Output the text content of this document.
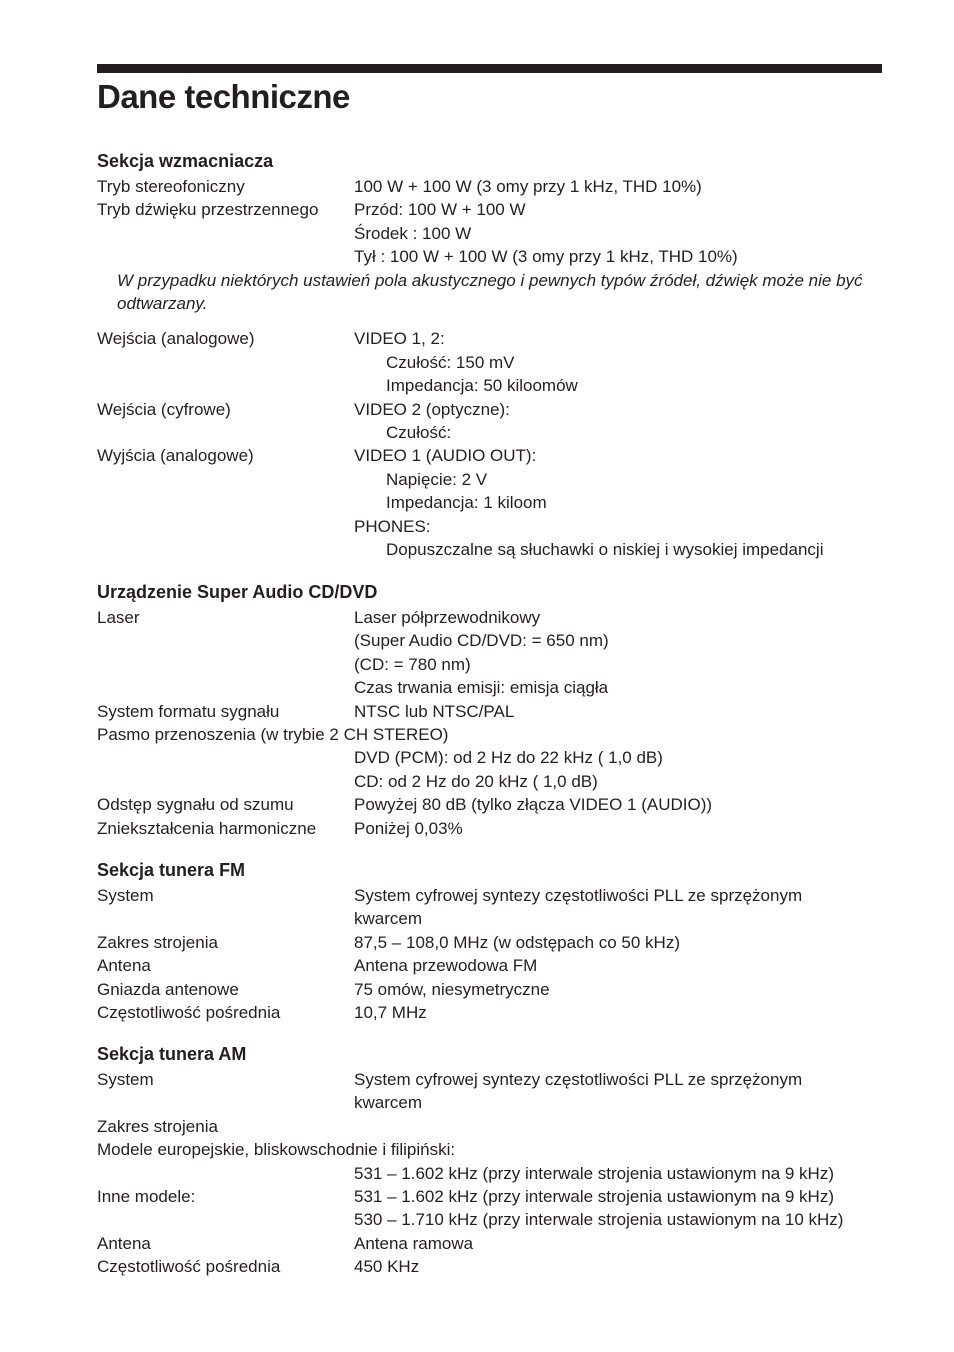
Dane techniczne
Sekcja wzmacniacza
Tryb stereofoniczny	100 W + 100 W (3 omy przy 1 kHz, THD 10%)
Tryb dźwięku przestrzennego	Przód: 100 W + 100 W
Środek : 100 W
Tył : 100 W + 100 W (3 omy przy 1 kHz, THD 10%)
W przypadku niektórych ustawień pola akustycznego i pewnych typów źródeł, dźwięk może nie być odtwarzany.
Wejścia (analogowe)	VIDEO 1, 2:
Czułość: 150 mV
Impedancja: 50 kiloomów
Wejścia (cyfrowe)	VIDEO 2 (optyczne):
Czułość:
Wyjścia (analogowe)	VIDEO 1 (AUDIO OUT):
Napięcie: 2 V
Impedancja: 1 kiloom
PHONES:
Dopuszczalne są słuchawki o niskiej i wysokiej impedancji
Urządzenie Super Audio CD/DVD
Laser	Laser półprzewodnikowy
(Super Audio CD/DVD: = 650 nm)
(CD: = 780 nm)
Czas trwania emisji: emisja ciągła
System formatu sygnału	NTSC lub NTSC/PAL
Pasmo przenoszenia (w trybie 2 CH STEREO)
DVD (PCM): od 2 Hz do 22 kHz ( 1,0 dB)
CD: od 2 Hz do 20 kHz ( 1,0 dB)
Odstęp sygnału od szumu	Powyżej 80 dB (tylko złącza VIDEO 1 (AUDIO))
Zniekształcenia harmoniczne	Poniżej 0,03%
Sekcja tunera FM
System	System cyfrowej syntezy częstotliwości PLL ze sprzężonym kwarcem
Zakres strojenia	87,5 – 108,0 MHz (w odstępach co 50 kHz)
Antena	Antena przewodowa FM
Gniazda antenowe	75 omów, niesymetryczne
Częstotliwość pośrednia	10,7 MHz
Sekcja tunera AM
System	System cyfrowej syntezy częstotliwości PLL ze sprzężonym kwarcem
Zakres strojenia
Modele europejskie, bliskowschodnie i filipiński:
531 – 1.602 kHz (przy interwale strojenia ustawionym na 9 kHz)
Inne modele:	531 – 1.602 kHz (przy interwale strojenia ustawionym na 9 kHz)
530 – 1.710 kHz (przy interwale strojenia ustawionym na 10 kHz)
Antena	Antena ramowa
Częstotliwość pośrednia	450 KHz
